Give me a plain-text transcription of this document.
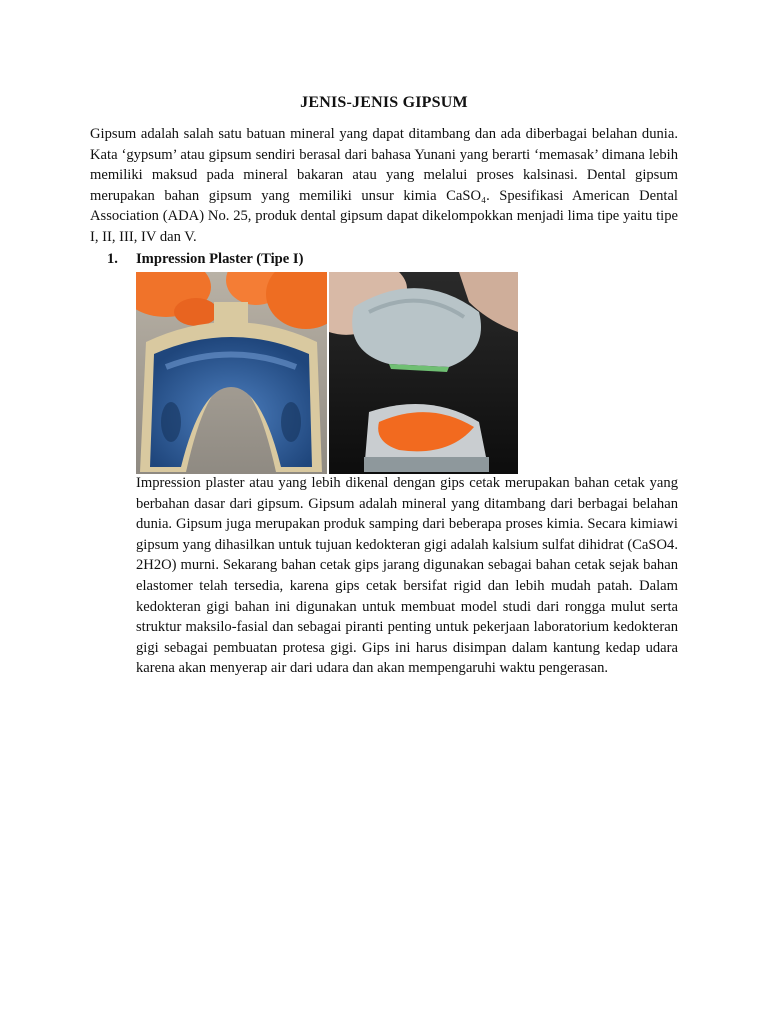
JENIS-JENIS GIPSUM

Gipsum adalah salah satu batuan mineral yang dapat ditambang dan ada diberbagai belahan dunia. Kata ‘gypsum’ atau gipsum sendiri berasal dari bahasa Yunani yang berarti ‘memasak’ dimana lebih memiliki maksud pada mineral bakaran atau yang melalui proses kalsinasi. Dental gipsum merupakan bahan gipsum yang memiliki unsur kimia CaSO₄. Spesifikasi American Dental Association (ADA) No. 25, produk dental gipsum dapat dikelompokkan menjadi lima tipe yaitu tipe I, II, III, IV dan V.

1. Impression Plaster (Tipe I)

Impression plaster atau yang lebih dikenal dengan gips cetak merupakan bahan cetak yang berbahan dasar dari gipsum. Gipsum adalah mineral yang ditambang dari berbagai belahan dunia. Gipsum juga merupakan produk samping dari beberapa proses kimia. Secara kimiawi gipsum yang dihasilkan untuk tujuan kedokteran gigi adalah kalsium sulfat dihidrat (CaSO4. 2H2O) murni. Sekarang bahan cetak gips jarang digunakan sebagai bahan cetak sejak bahan elastomer telah tersedia, karena gips cetak bersifat rigid dan lebih mudah patah. Dalam kedokteran gigi bahan ini digunakan untuk membuat model studi dari rongga mulut serta struktur maksilo-fasial dan sebagai piranti penting untuk pekerjaan laboratorium kedokteran gigi sebagai pembuatan protesa gigi. Gips ini harus disimpan dalam kantung kedap udara karena akan menyerap air dari udara dan akan mempengaruhi waktu pengerasan.
